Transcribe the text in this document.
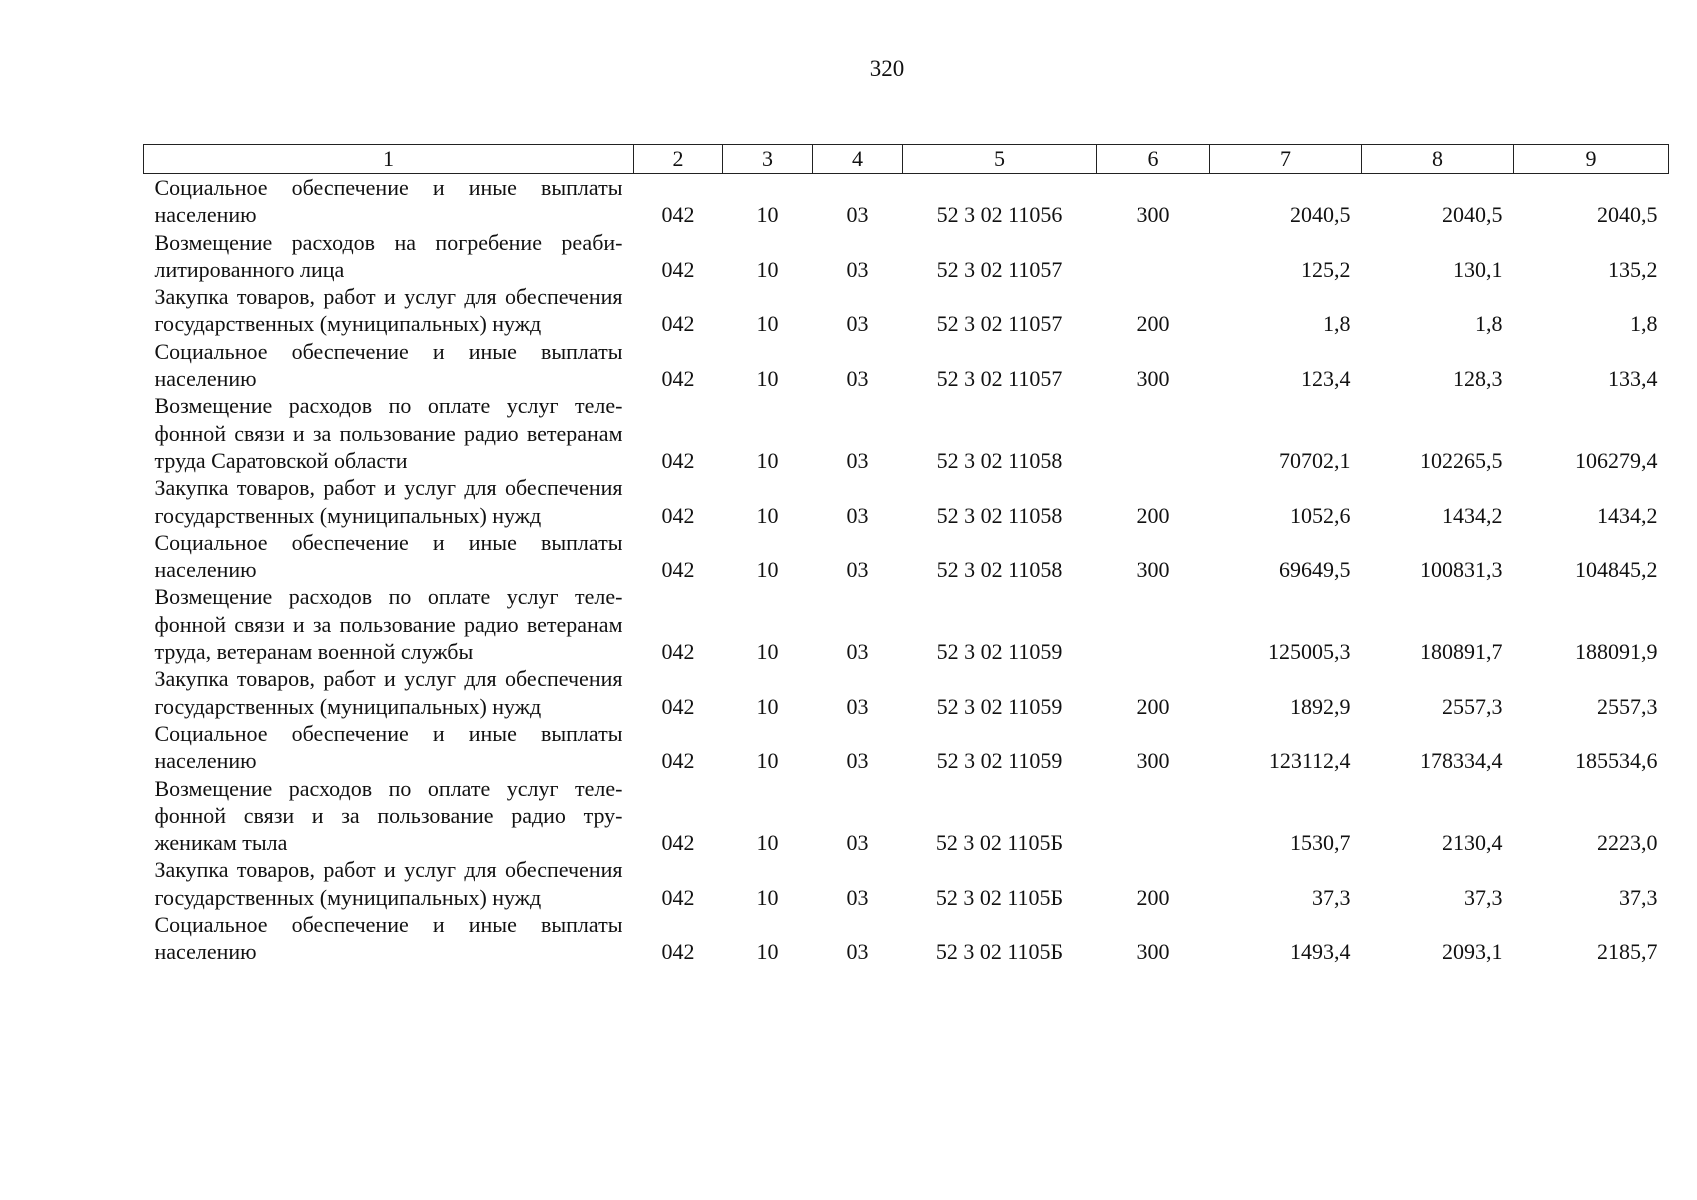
320
1	2	3	4	5	6	7	8	9
Социальное обеспечение и иные выплаты населению	042	10	03	52 3 02 11056	300	2040,5	2040,5	2040,5
Возмещение расходов на погребение реабилитированного лица	042	10	03	52 3 02 11057		125,2	130,1	135,2
Закупка товаров, работ и услуг для обеспечения государственных (муниципальных) нужд	042	10	03	52 3 02 11057	200	1,8	1,8	1,8
Социальное обеспечение и иные выплаты населению	042	10	03	52 3 02 11057	300	123,4	128,3	133,4
Возмещение расходов по оплате услуг телефонной связи и за пользование радио ветеранам труда Саратовской области	042	10	03	52 3 02 11058		70702,1	102265,5	106279,4
Закупка товаров, работ и услуг для обеспечения государственных (муниципальных) нужд	042	10	03	52 3 02 11058	200	1052,6	1434,2	1434,2
Социальное обеспечение и иные выплаты населению	042	10	03	52 3 02 11058	300	69649,5	100831,3	104845,2
Возмещение расходов по оплате услуг телефонной связи и за пользование радио ветеранам труда, ветеранам военной службы	042	10	03	52 3 02 11059		125005,3	180891,7	188091,9
Закупка товаров, работ и услуг для обеспечения государственных (муниципальных) нужд	042	10	03	52 3 02 11059	200	1892,9	2557,3	2557,3
Социальное обеспечение и иные выплаты населению	042	10	03	52 3 02 11059	300	123112,4	178334,4	185534,6
Возмещение расходов по оплате услуг телефонной связи и за пользование радио труженикам тыла	042	10	03	52 3 02 1105Б		1530,7	2130,4	2223,0
Закупка товаров, работ и услуг для обеспечения государственных (муниципальных) нужд	042	10	03	52 3 02 1105Б	200	37,3	37,3	37,3
Социальное обеспечение и иные выплаты населению	042	10	03	52 3 02 1105Б	300	1493,4	2093,1	2185,7
